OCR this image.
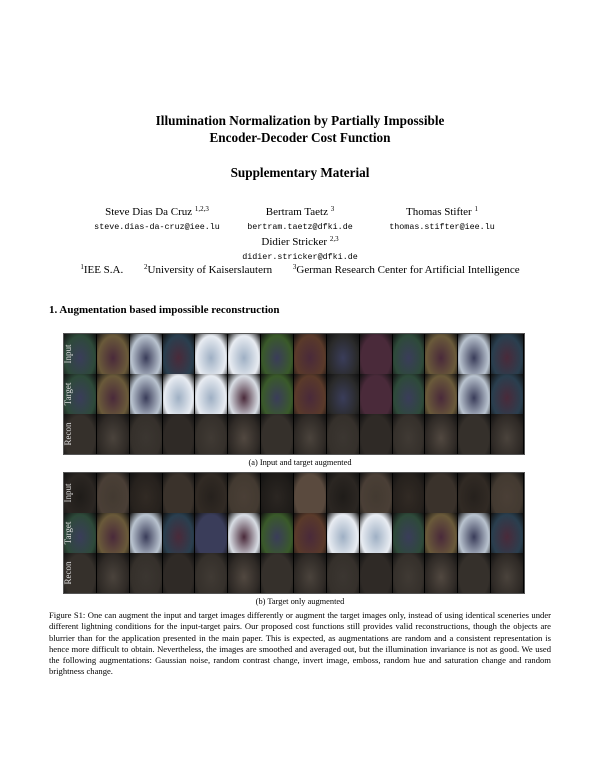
Illumination Normalization by Partially Impossible
Encoder-Decoder Cost Function
Supplementary Material
Steve Dias Da Cruz $^{1,2,3}$
steve.dias-da-cruz@iee.lu
Bertram Taetz $^3$
bertram.taetz@dfki.de
Thomas Stifter $^1$
thomas.stifter@iee.lu
Didier Stricker $^{2,3}$
didier.stricker@dfki.de
$^1$IEE S.A.	$^2$University of Kaiserslautern	$^3$German Research Center for Artificial Intelligence
1. Augmentation based impossible reconstruction
Input
Target
Recon
(a) Input and target augmented
Input
Target
Recon
(b) Target only augmented
Figure S1: One can augment the input and target images differently or augment the target images only, instead of using identical sceneries under different lightning conditions for the input-target pairs. Our proposed cost functions still provides valid reconstructions, though the objects are blurrier than for the application presented in the main paper. This is expected, as augmentations are random and a consistent representation is hence more difficult to obtain. Nevertheless, the images are smoothed and averaged out, but the illumination invariance is not as good. We used the following augmentations: Gaussian noise, random contrast change, invert image, emboss, random hue and saturation change and random brightness change.
